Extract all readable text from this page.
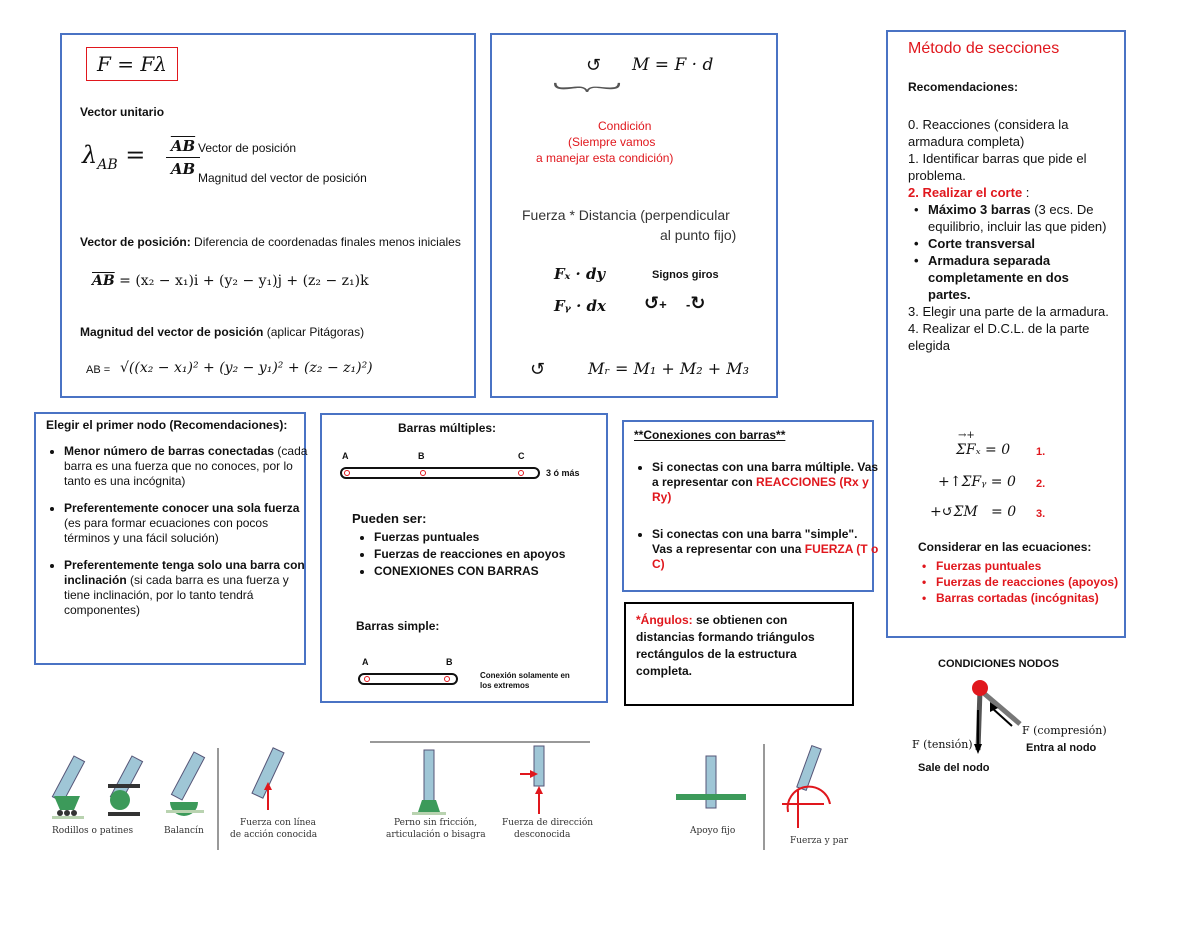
F = Fλ
Vector unitario
$\lambda_{AB}$ =	$\overline{AB}$
AB
Vector de posición
Magnitud del vector de posición
Vector de posición: Diferencia de coordenadas finales menos iniciales
$\overline{AB} = (x_2 - x_1)i + (y_2 - y_1)j + (z_2 - z_1)k$
Magnitud del vector de posición (aplicar Pitágoras)
AB = √((x₂ − x₁)² + (y₂ − y₁)² + (z₂ − z₁)²)
↺ M = F · d
︸
Condición
(Siempre vamos
a manejar esta condición)
Fuerza * Distancia (perpendicular
al punto fijo)
Fₓ · dy
Fᵧ · dx
Signos giros
↺+ -↻
↺	Mᵣ = M₁ + M₂ + M₃
Método de secciones
Recomendaciones:
0. Reacciones (considera la armadura completa)
1. Identificar barras que pide el problema.
2. Realizar el corte :
• Máximo 3 barras (3 ecs. De equilibrio, incluir las que piden)
• Corte transversal
• Armadura separada completamente en dos partes.
3. Elegir una parte de la armadura.
4. Realizar el D.C.L. de la parte elegida
→+
ΣFₓ = 0 1.
+↑ΣFᵧ = 0 2.
+↺ΣM   = 0 3.
Considerar en las ecuaciones:
• Fuerzas puntuales
• Fuerzas de reacciones (apoyos)
• Barras cortadas (incógnitas)
Elegir el primer nodo (Recomendaciones):
• Menor número de barras conectadas (cada barra es una fuerza que no conoces, por lo tanto es una incógnita)
• Preferentemente conocer una sola fuerza (es para formar ecuaciones con pocos términos y una fácil solución)
• Preferentemente tenga solo una barra con inclinación (si cada barra es una fuerza y tiene inclinación, por lo tanto tendrá componentes)
Barras múltiples:
A	B	C
3 ó más
Pueden ser:
• Fuerzas puntuales
• Fuerzas de reacciones en apoyos
• CONEXIONES CON BARRAS
Barras simple:
A	B
Conexión solamente en
los extremos
**Conexiones con barras**
• Si conectas con una barra múltiple. Vas a representar con REACCIONES (Rx y Ry)
• Si conectas con una barra "simple". Vas a representar con una FUERZA (T o C)
*Ángulos: se obtienen con distancias formando triángulos rectángulos de la estructura completa.	CONDICIONES NODOS
F (compresión)
Entra al nodo
F (tensión)
Sale del nodo
Rodillos o patines	Balancín
Fuerza con línea
de acción conocida
Perno sin fricción,
articulación o bisagra
Fuerza de dirección
desconocida	Apoyo fijo
Fuerza y par
